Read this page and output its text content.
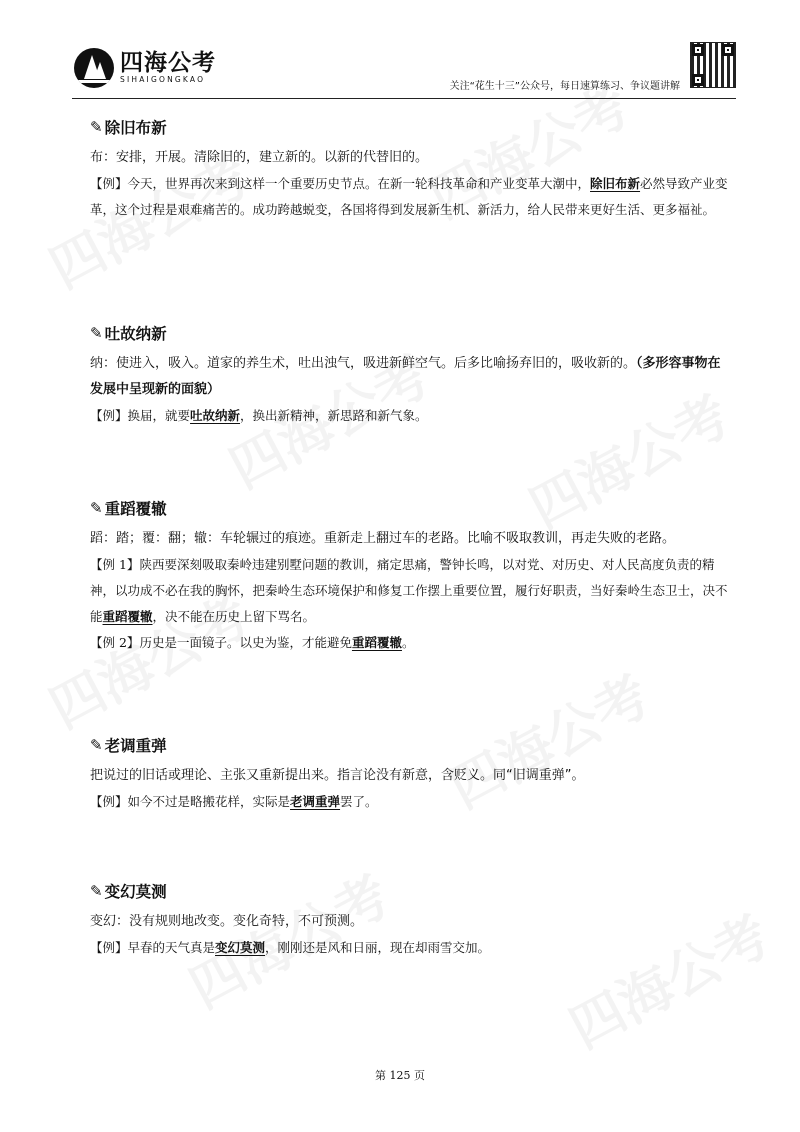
四海公考
SIHAIGONGKAO
关注“花生十三”公众号，每日速算练习、争议题讲解
✎ 除旧布新

布：安排，开展。清除旧的，建立新的。以新的代替旧的。

【例】今天，世界再次来到这样一个重要历史节点。在新一轮科技革命和产业变革大潮中，除旧布新必然导致产业变革，这个过程是艰难痛苦的。成功跨越蜕变，各国将得到发展新生机、新活力，给人民带来更好生活、更多福祉。

✎ 吐故纳新

纳：使进入，吸入。道家的养生术，吐出浊气，吸进新鲜空气。后多比喻扬弃旧的，吸收新的。（多形容事物在发展中呈现新的面貌）

【例】换届，就要吐故纳新，换出新精神，新思路和新气象。

✎ 重蹈覆辙

蹈：踏；覆：翻；辙：车轮辗过的痕迹。重新走上翻过车的老路。比喻不吸取教训，再走失败的老路。

【例 1】陕西要深刻吸取秦岭违建别墅问题的教训，痛定思痛，警钟长鸣，以对党、对历史、对人民高度负责的精神，以功成不必在我的胸怀，把秦岭生态环境保护和修复工作摆上重要位置，履行好职责，当好秦岭生态卫士，决不能重蹈覆辙，决不能在历史上留下骂名。

【例 2】历史是一面镜子。以史为鉴，才能避免重蹈覆辙。

✎ 老调重弹

把说过的旧话或理论、主张又重新提出来。指言论没有新意，含贬义。同“旧调重弹”。

【例】如今不过是略搬花样，实际是老调重弹罢了。

✎ 变幻莫测

变幻：没有规则地改变。变化奇特，不可预测。

【例】早春的天气真是变幻莫测，刚刚还是风和日丽，现在却雨雪交加。

第 125 页
